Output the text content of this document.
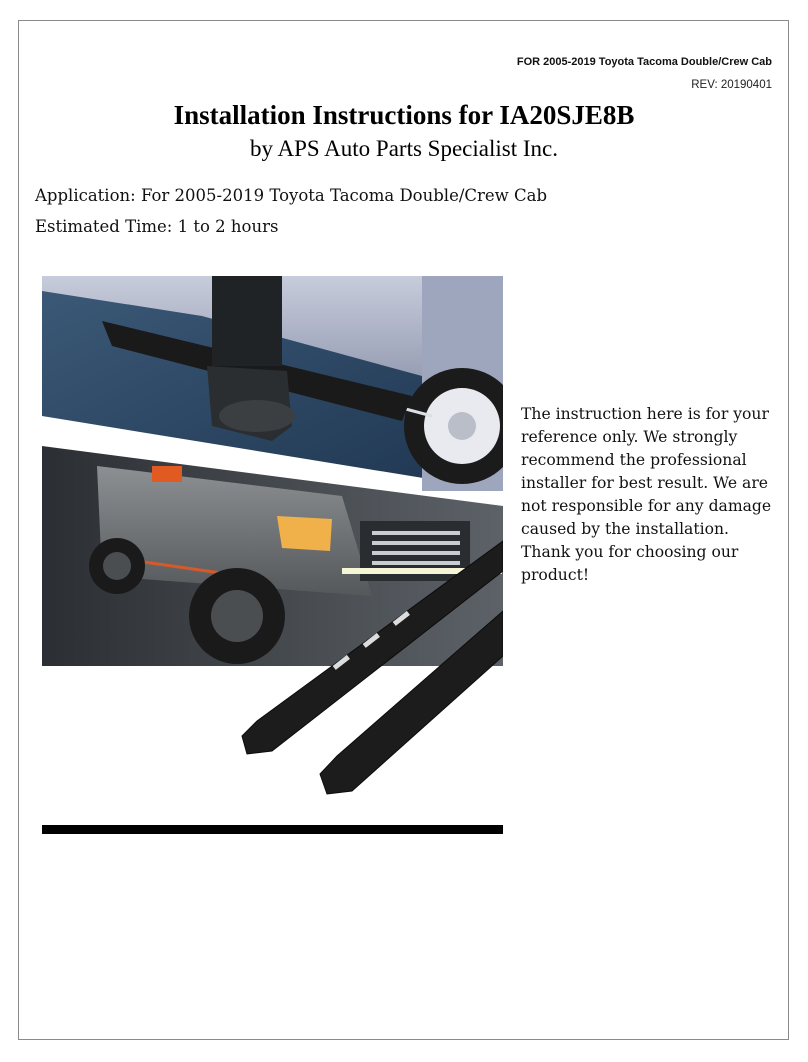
FOR 2005-2019 Toyota Tacoma Double/Crew Cab
REV: 20190401
Installation Instructions for IA20SJE8B
by APS Auto Parts Specialist Inc.
Application: For 2005-2019 Toyota Tacoma Double/Crew Cab
Estimated Time: 1 to 2 hours
The instruction here is for your reference only. We strongly recommend the professional installer for best result. We are not responsible for any damage caused by the installation. Thank you for choosing our product!
